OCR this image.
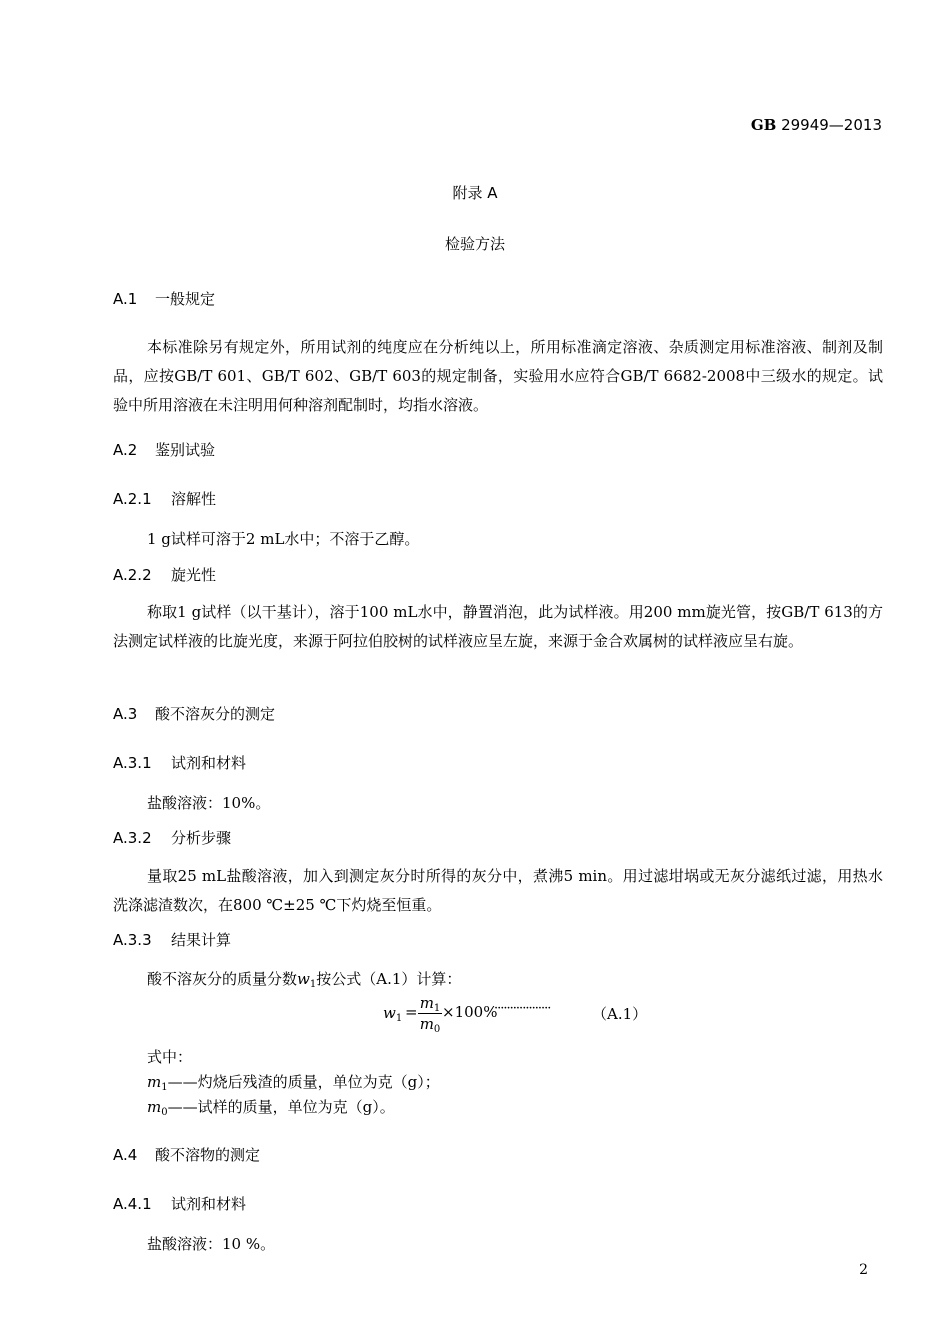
GB 29949—2013
附录 A
检验方法
A.1 一般规定
本标准除另有规定外，所用试剂的纯度应在分析纯以上，所用标准滴定溶液、杂质测定用标准溶液、制剂及制品，应按GB/T 601、GB/T 602、GB/T 603的规定制备，实验用水应符合GB/T 6682-2008中三级水的规定。试验中所用溶液在未注明用何种溶剂配制时，均指水溶液。
A.2 鉴别试验
A.2.1 溶解性
1 g试样可溶于2 mL水中；不溶于乙醇。
A.2.2 旋光性
称取1 g试样（以干基计），溶于100 mL水中，静置消泡，此为试样液。用200 mm旋光管，按GB/T 613的方法测定试样液的比旋光度，来源于阿拉伯胶树的试样液应呈左旋，来源于金合欢属树的试样液应呈右旋。
A.3 酸不溶灰分的测定
A.3.1 试剂和材料
盐酸溶液：10%。
A.3.2 分析步骤
量取25 mL盐酸溶液，加入到测定灰分时所得的灰分中，煮沸5 min。用过滤坩埚或无灰分滤纸过滤，用热水洗涤滤渣数次，在800 ℃±25 ℃下灼烧至恒重。
A.3.3 结果计算
酸不溶灰分的质量分数$w_1$按公式（A.1）计算：
$w_1 = m_1$
$m_0$
×100%
··················	（A.1）
式中：
$m_1——$灼烧后残渣的质量，单位为克（g）；
$m_0——$试样的质量，单位为克（g）。
A.4 酸不溶物的测定
A.4.1 试剂和材料
盐酸溶液：10 %。
2
